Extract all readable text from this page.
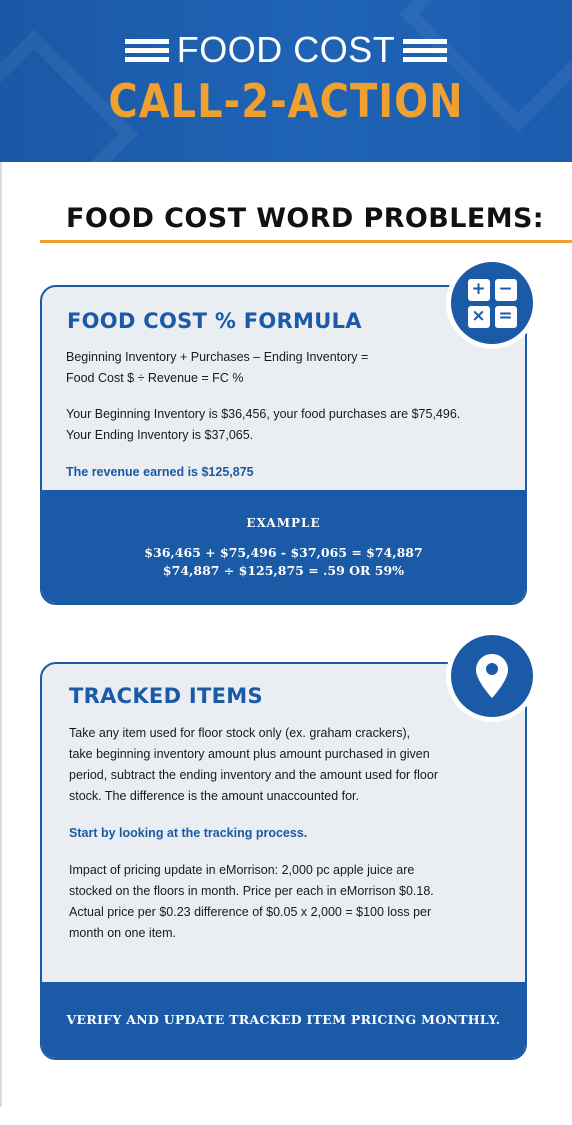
FOOD COST
CALL-2-ACTION
FOOD COST WORD PROBLEMS:
FOOD COST % FORMULA
Beginning Inventory + Purchases – Ending Inventory =
Food Cost $ ÷ Revenue = FC %
Your Beginning Inventory is $36,456, your food purchases are $75,496.
Your Ending Inventory is $37,065.
The revenue earned is $125,875
EXAMPLE
$36,465 + $75,496 - $37,065 = $74,887
$74,887 ÷ $125,875 = .59 OR 59%
+ −
× =
TRACKED ITEMS
Take any item used for floor stock only (ex. graham crackers),
take beginning inventory amount plus amount purchased in given
period, subtract the ending inventory and the amount used for floor
stock. The difference is the amount unaccounted for.
Start by looking at the tracking process.
Impact of pricing update in eMorrison: 2,000 pc apple juice are
stocked on the floors in month. Price per each in eMorrison $0.18.
Actual price per $0.23 difference of $0.05 x 2,000 = $100 loss per
month on one item.
VERIFY AND UPDATE TRACKED ITEM PRICING MONTHLY.
